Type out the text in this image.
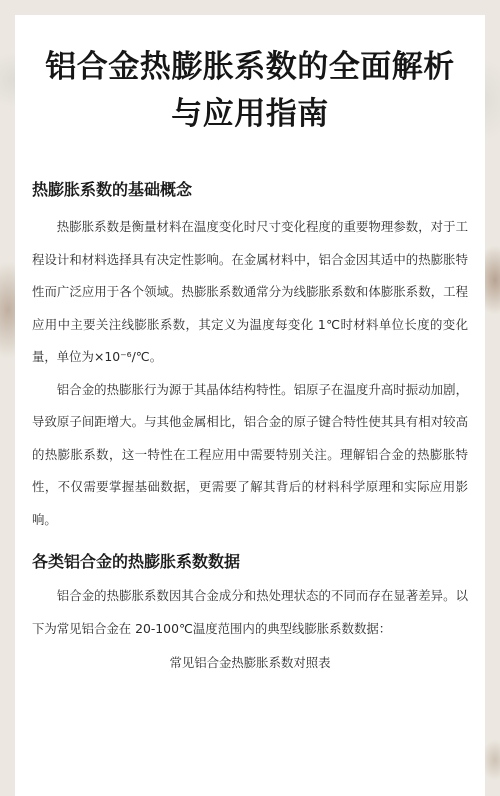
铝合金热膨胀系数的全面解析与应用指南
热膨胀系数的基础概念

热膨胀系数是衡量材料在温度变化时尺寸变化程度的重要物理参数，对于工程设计和材料选择具有决定性影响。在金属材料中，铝合金因其适中的热膨胀特性而广泛应用于各个领域。热膨胀系数通常分为线膨胀系数和体膨胀系数，工程应用中主要关注线膨胀系数，其定义为温度每变化 1℃时材料单位长度的变化量，单位为×10⁻⁶/℃。

铝合金的热膨胀行为源于其晶体结构特性。铝原子在温度升高时振动加剧，导致原子间距增大。与其他金属相比，铝合金的原子键合特性使其具有相对较高的热膨胀系数，这一特性在工程应用中需要特别关注。理解铝合金的热膨胀特性，不仅需要掌握基础数据，更需要了解其背后的材料科学原理和实际应用影响。

各类铝合金的热膨胀系数数据

铝合金的热膨胀系数因其合金成分和热处理状态的不同而存在显著差异。以下为常见铝合金在 20-100℃温度范围内的典型线膨胀系数数据：

常见铝合金热膨胀系数对照表
